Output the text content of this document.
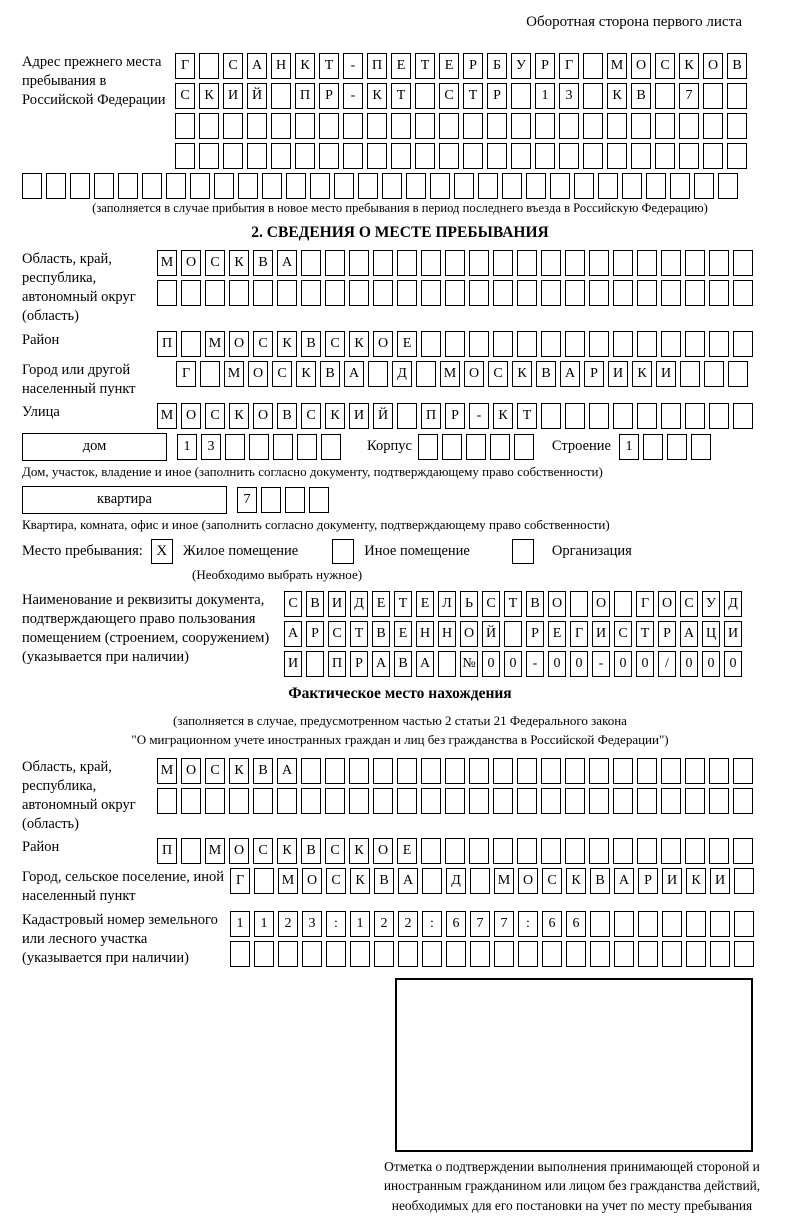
Оборотная сторона первого листа
Адрес прежнего места пребывания в Российской Федерации
Г	С	А Н	К	Т	-	П	Е	Т	Е	Р	Б	У	Р	Г	М О	С	К	О	В
С	К	И Й	П	Р	-	К	Т	С	Т	Р	1	3	К	В	7
(заполняется в случае прибытия в новое место пребывания в период последнего въезда в Российскую Федерацию)
2. СВЕДЕНИЯ О МЕСТЕ ПРЕБЫВАНИЯ
Область, край, республика, автономный округ (область)
М О	С	К	В	А
Район	П	М О	С	К	В	С	К	О	Е
Город или другой населенный пункт
Г	М О	С	К	В	А	Д	М О	С	К	В	А	Р	И	К	И
Улица	М О	С	К	О	В	С	К	И Й	П	Р	-	К	Т
дом	1	3	Корпус	Строение	1
Дом, участок, владение и иное (заполнить согласно документу, подтверждающему право собственности)
квартира	7
Квартира, комната, офис и иное (заполнить согласно документу, подтверждающему право собственности)
Место пребывания: X	Жилое помещение	Иное помещение	Организация
(Необходимо выбрать нужное)
Наименование и реквизиты документа, подтверждающего право пользования помещением (строением, сооружением) (указывается при наличии)
С В И Д Е Т Е Л Ь С Т В О О	Г О С У Д
А Р С Т В Е Н Н О Й	Р Е Г И С Т Р А Ц И
И П Р А В А № 0	0	-	0	0	-	0	0	/	0	0	0
Фактическое место нахождения
(заполняется в случае, предусмотренном частью 2 статьи 21 Федерального закона
"О миграционном учете иностранных граждан и лиц без гражданства в Российской Федерации")
Область, край, республика, автономный округ (область)
М О	С	К	В	А
Район	П	М О	С	К	В	С	К	О	Е
Город, сельское поселение, иной населенный пункт
Г	М О	С	К	В	А	Д	М О	С	К	В	А	Р	И	К	И
Кадастровый номер земельного или лесного участка (указывается при наличии)
1	1	2	3	:	1	2	2	:	6	7	7	:	6	6
Отметка о подтверждении выполнения принимающей стороной и иностранным гражданином или лицом без гражданства действий, необходимых для его постановки на учет по месту пребывания
